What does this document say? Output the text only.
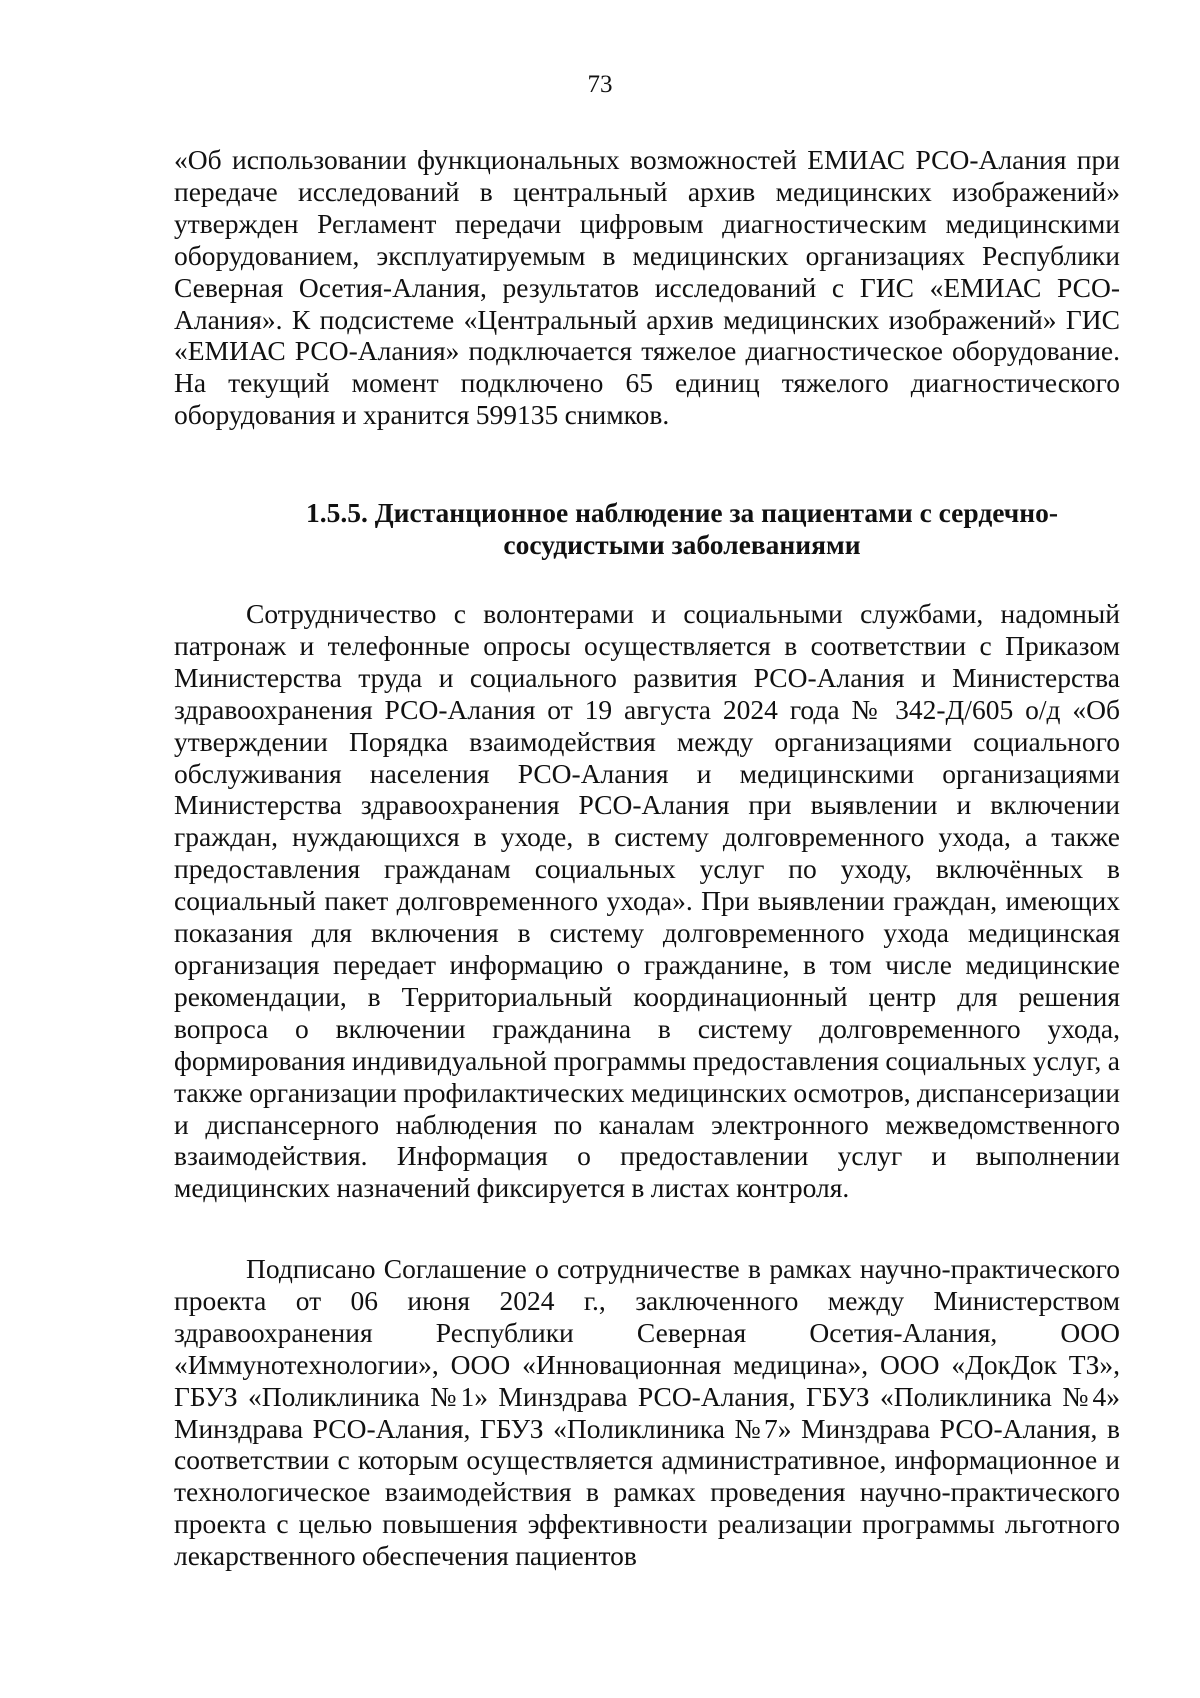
73

«Об использовании функциональных возможностей ЕМИАС РСО-Алания при передаче исследований в центральный архив медицинских изображений» утвержден Регламент передачи цифровым диагностическим медицинскими оборудованием, эксплуатируемым в медицинских организациях Республики Северная Осетия-Алания, результатов исследований с ГИС «ЕМИАС РСО-Алания». К подсистеме «Центральный архив медицинских изображений» ГИС «ЕМИАС РСО-Алания» подключается тяжелое диагностическое оборудование. На текущий момент подключено 65 единиц тяжелого диагностического оборудования и хранится 599135 снимков.

1.5.5. Дистанционное наблюдение за пациентами с сердечно-
сосудистыми заболеваниями

Сотрудничество с волонтерами и социальными службами, надомный патронаж и телефонные опросы осуществляется в соответствии с Приказом Министерства труда и социального развития РСО-Алания и Министерства здравоохранения РСО-Алания от 19 августа 2024 года № 342-Д/605 о/д «Об утверждении Порядка взаимодействия между организациями социального обслуживания населения РСО-Алания и медицинскими организациями Министерства здравоохранения РСО-Алания при выявлении и включении граждан, нуждающихся в уходе, в систему долговременного ухода, а также предоставления гражданам социальных услуг по уходу, включённых в социальный пакет долговременного ухода». При выявлении граждан, имеющих показания для включения в систему долговременного ухода медицинская организация передает информацию о гражданине, в том числе медицинские рекомендации, в Территориальный координационный центр для решения вопроса о включении гражданина в систему долговременного ухода, формирования индивидуальной программы предоставления социальных услуг, а также организации профилактических медицинских осмотров, диспансеризации и диспансерного наблюдения по каналам электронного межведомственного взаимодействия. Информация о предоставлении услуг и выполнении медицинских назначений фиксируется в листах контроля.

Подписано Соглашение о сотрудничестве в рамках научно-практического проекта от 06 июня 2024 г., заключенного между Министерством здравоохранения Республики Северная Осетия-Алания, ООО «Иммунотехнологии», ООО «Инновационная медицина», ООО «ДокДок ТЗ», ГБУЗ «Поликлиника №1» Минздрава РСО-Алания, ГБУЗ «Поликлиника №4» Минздрава РСО-Алания, ГБУЗ «Поликлиника №7» Минздрава РСО-Алания, в соответствии с которым осуществляется административное, информационное и технологическое взаимодействия в рамках проведения научно-практического проекта с целью повышения эффективности реализации программы льготного лекарственного обеспечения пациентов
